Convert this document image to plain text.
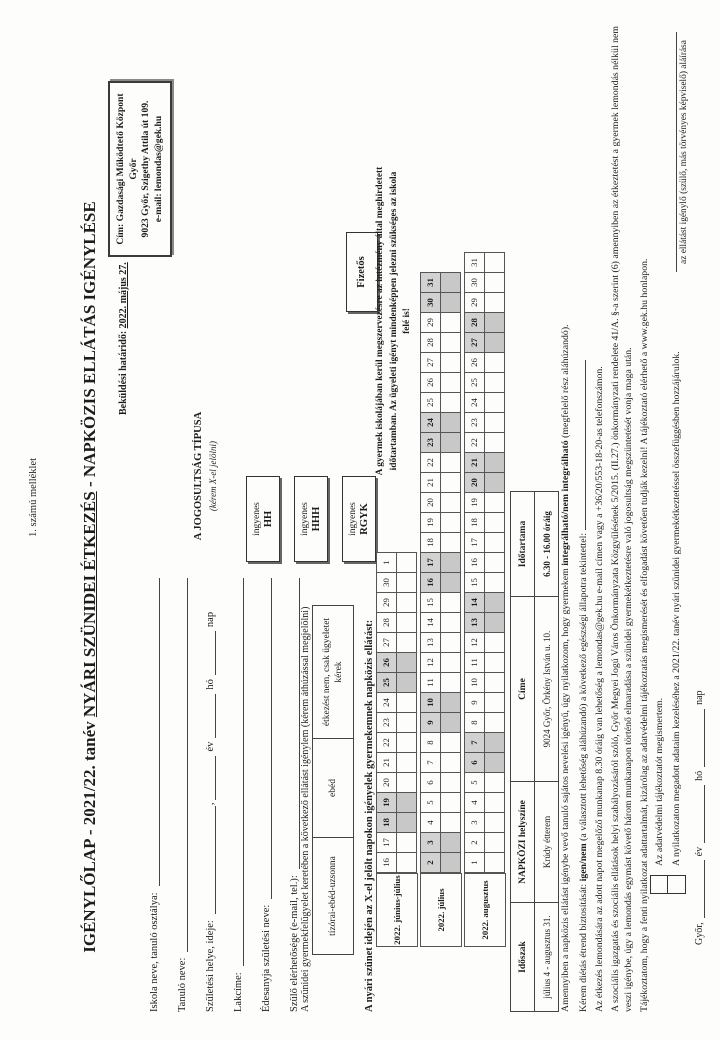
1. számú melléklet
IGÉNYLŐLAP - 2021/22. tanév NYÁRI SZÜNIDEI ÉTKEZÉS - NAPKÖZIS ELLÁTÁS IGÉNYLÉSE
Cím: Gazdasági Működtető Központ Győr 9023 Győr, Szigethy Attila út 109. e-mail: lemondas@gek.hu
Beküldési határidő: 2022. május 27.
Iskola neve, tanuló osztálya: Tanuló neve: Születési helye, ideje:
,
év
hó
nap
Lakcíme: Édesanyja születési neve: Szülő elérhetősége (e-mail, tel.):
A JOGOSULTSÁG TÍPUSA (kérem X-el jelölni)
ingyenes HH	ingyenes HHH	ingyenes RGYK
Fizetős
A szünidei gyermekfelügyelet keretében a következő ellátást igénylem (kérem áthúzással megjelölni) tízórai-ebéd-uzsonna	ebéd	étkezést nem, csak ügyeletet kérek A nyári szünet idején az X-el jelölt napokon igényelek gyermekemnek napközis ellátást:	2022. június-július
16
17
18
19
20
21
22
23
24
25
26
27
28
29
30
1
2022. július
2
3
4
5
6
7
8
9
10
11
12
13
14
15
16
17
18
19
20
21
22
23
24
25
26
27
28
29
30
31
2022. augusztus
1
2
3
4
5
6
7
8
9
10
11
12
13
14
15
16
17
18
19
20
21
22
23
24
25
26
27
28
29
30
31
A gyermek iskolájában kerül megszervezésre az intézmény által meghirdetett időtartamban. Az ügyeleti igényt mindenképpen jelezni szükséges az iskola felé is!
Időszak	NAPKÖZI helyszíne	Címe	Időtartama
július 4 - augusztus 31.	Krúdy étterem	9024 Győr, Örkény István u. 10.	6.30 - 16.00 óráig
Amennyiben a napközis ellátást igénybe vevő tanuló sajátos nevelési igényű, úgy nyilatkozom, hogy gyermekem integrálható/nem integrálható (megfelelő rész aláhúzandó).
Kérem diétás étrend biztosítását: igen/nem (a választott lehetőség aláhúzandó) a következő egészségi állapotra tekintettel: Az étkezés lemondására az adott napot megelőző munkanap 8.30 óráig van lehetőség a lemondas@gek.hu e-mail címen vagy a +36/20/553-18-20-as telefonszámon. A szociális igazgatás és szociális ellátások helyi szabályozásáról szóló, Győr Megyei Jogú Város Önkormányzata Közgyűlésének 5/2015. (II.27.) önkormányzati rendelete 41/A. §-a szerint (6) amennyiben az étkeztetést a gyermek lemondás nélkül nem veszi igénybe, úgy a lemondás egymást követő három munkanapon történő elmaradása a szünidei gyermekétkeztetésre való jogosultság megszüntetését vonja maga után. Tájékoztatom, hogy a fenti nyilatkozat adattartalmát, kizárólag az adatvédelmi tájékoztatás megismerését és elfogadást követően tudják kezelni! A tájékoztató elérhető a www.gek.hu honlapon. Az adatvédelmi tájékoztatót megismertem. A nyilatkozaton megadott adataim kezeléséhez a 2021/22. tanév nyári szünidei gyermekétkeztetéssel összefüggésben hozzájárulok.
Győr,
év
hó
nap
az ellátást igénylő (szülő, más törvényes képviselő) aláírása
